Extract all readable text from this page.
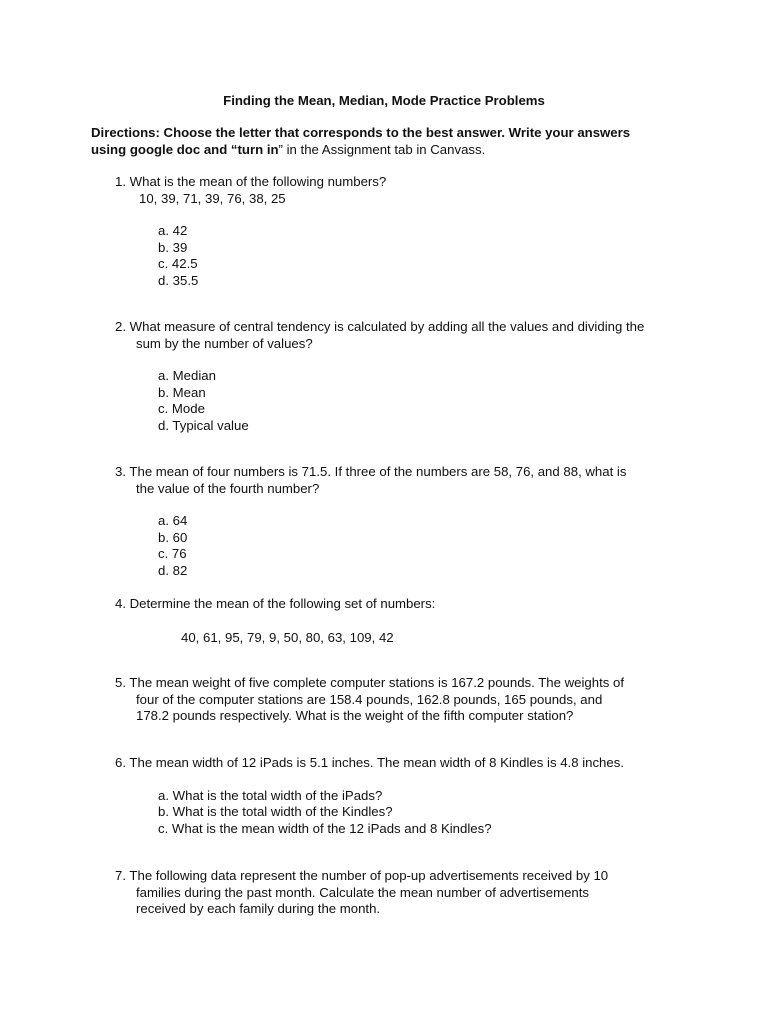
Finding the Mean, Median, Mode Practice Problems
Directions: Choose the letter that corresponds to the best answer. Write your answers
using google doc and “turn in” in the Assignment tab in Canvass.
1. What is the mean of the following numbers?
10, 39, 71, 39, 76, 38, 25
a. 42
b. 39
c. 42.5
d. 35.5
2. What measure of central tendency is calculated by adding all the values and dividing the
sum by the number of values?
a. Median
b. Mean
c. Mode
d. Typical value
3. The mean of four numbers is 71.5. If three of the numbers are 58, 76, and 88, what is
the value of the fourth number?
a. 64
b. 60
c. 76
d. 82
4. Determine the mean of the following set of numbers:
40, 61, 95, 79, 9, 50, 80, 63, 109, 42
5. The mean weight of five complete computer stations is 167.2 pounds. The weights of
four of the computer stations are 158.4 pounds, 162.8 pounds, 165 pounds, and
178.2 pounds respectively. What is the weight of the fifth computer station?
6. The mean width of 12 iPads is 5.1 inches. The mean width of 8 Kindles is 4.8 inches.
a. What is the total width of the iPads?
b. What is the total width of the Kindles?
c. What is the mean width of the 12 iPads and 8 Kindles?
7. The following data represent the number of pop-up advertisements received by 10
families during the past month. Calculate the mean number of advertisements
received by each family during the month.
